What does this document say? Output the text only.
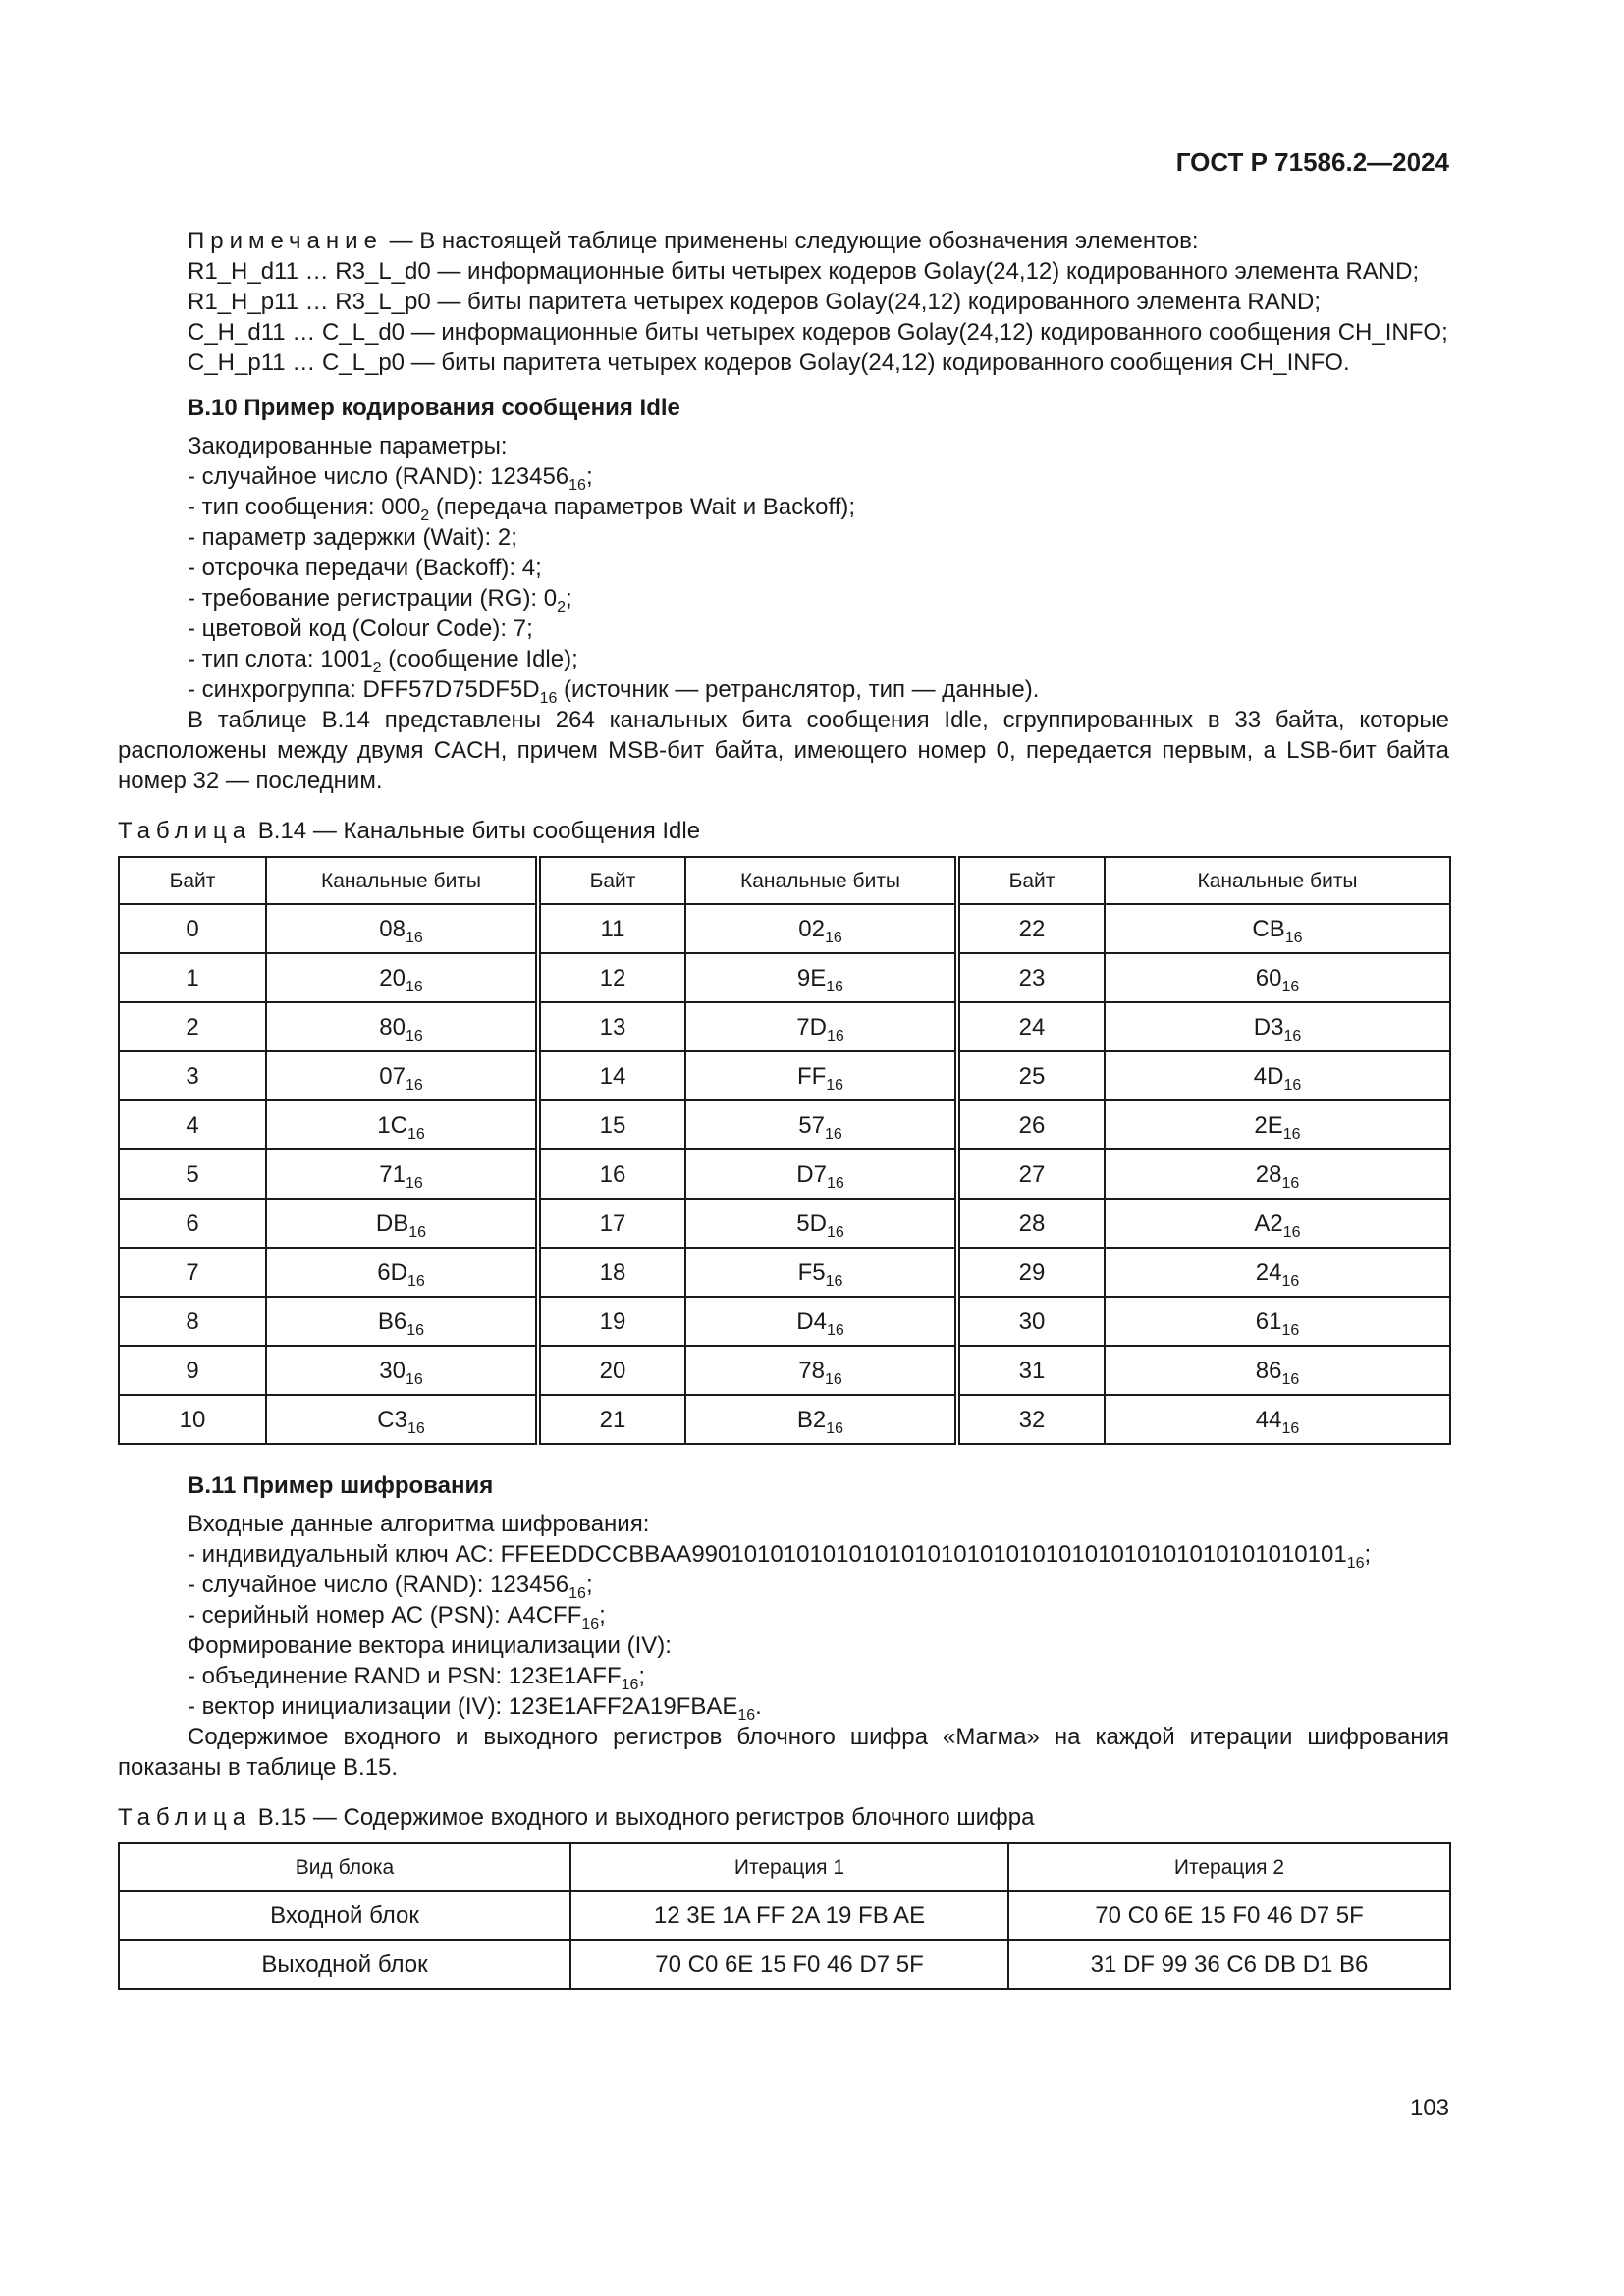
ГОСТ Р 71586.2—2024

Примечание — В настоящей таблице применены следующие обозначения элементов:

R1_H_d11 … R3_L_d0 — информационные биты четырех кодеров Golay(24,12) кодированного элемента RAND;

R1_H_p11 … R3_L_p0 — биты паритета четырех кодеров Golay(24,12) кодированного элемента RAND;

C_H_d11 … C_L_d0 — информационные биты четырех кодеров Golay(24,12) кодированного сообщения CH_INFO;

C_H_p11 … C_L_p0 — биты паритета четырех кодеров Golay(24,12) кодированного сообщения CH_INFO.

В.10 Пример кодирования сообщения Idle

Закодированные параметры:

- случайное число (RAND): $123456_{16}$;

- тип сообщения: $000_2$ (передача параметров Wait и Backoff);

- параметр задержки (Wait): 2;

- отсрочка передачи (Backoff): 4;

- требование регистрации (RG): $0_2$;

- цветовой код (Colour Code): 7;

- тип слота: $1001_2$ (сообщение Idle);

- синхрогруппа: $DFF57D75DF5D_{16}$ (источник — ретранслятор, тип — данные).

В таблице В.14 представлены 264 канальных бита сообщения Idle, сгруппированных в 33 байта, которые расположены между двумя CACH, причем MSB-бит байта, имеющего номер 0, передается первым, а LSB-бит байта номер 32 — последним.

Таблица В.14 — Канальные биты сообщения Idle

Байт	Канальные биты	Байт	Канальные биты	Байт	Канальные биты
0	$08_{16}$	11	$02_{16}$	22	$CB_{16}$
1	$20_{16}$	12	$9E_{16}$	23	$60_{16}$
2	$80_{16}$	13	$7D_{16}$	24	$D3_{16}$
3	$07_{16}$	14	$FF_{16}$	25	$4D_{16}$
4	$1C_{16}$	15	$57_{16}$	26	$2E_{16}$
5	$71_{16}$	16	$D7_{16}$	27	$28_{16}$
6	$DB_{16}$	17	$5D_{16}$	28	$A2_{16}$
7	$6D_{16}$	18	$F5_{16}$	29	$24_{16}$
8	$B6_{16}$	19	$D4_{16}$	30	$61_{16}$
9	$30_{16}$	20	$78_{16}$	31	$86_{16}$
10	$C3_{16}$	21	$B2_{16}$	32	$44_{16}$

В.11 Пример шифрования

Входные данные алгоритма шифрования:

- индивидуальный ключ АС: $FFEEDDCCBBAA99010101010101010101010101010101010101010101010101_{16}$;

- случайное число (RAND): $123456_{16}$;

- серийный номер АС (PSN): $A4CFF_{16}$;

Формирование вектора инициализации (IV):

- объединение RAND и PSN: $123E1AFF_{16}$;

- вектор инициализации (IV): $123E1AFF2A19FBAE_{16}$.

Содержимое входного и выходного регистров блочного шифра «Магма» на каждой итерации шифрования показаны в таблице В.15.

Таблица В.15 — Содержимое входного и выходного регистров блочного шифра

Вид блока	Итерация 1	Итерация 2
Входной блок	12 3E 1A FF 2A 19 FB AE	70 C0 6E 15 F0 46 D7 5F
Выходной блок	70 C0 6E 15 F0 46 D7 5F	31 DF 99 36 C6 DB D1 B6
103
